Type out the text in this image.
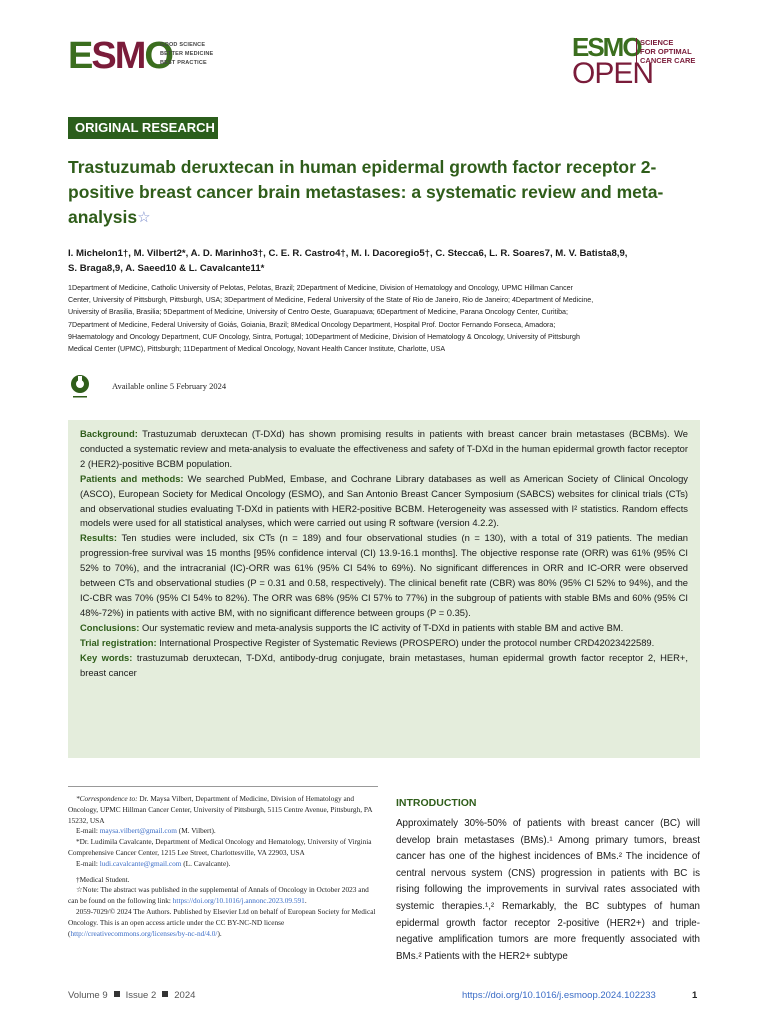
ESMO
GOOD SCIENCE
BETTER MEDICINE
BEST PRACTICE
ESMO
OPEN
SCIENCE
FOR OPTIMAL
CANCER CARE
ORIGINAL RESEARCH
Trastuzumab deruxtecan in human epidermal growth factor receptor 2-positive breast cancer brain metastases: a systematic review and meta-analysis☆
I. Michelon1†, M. Vilbert2*, A. D. Marinho3†, C. E. R. Castro4†, M. I. Dacoregio5†, C. Stecca6, L. R. Soares7, M. V. Batista8,9,
S. Braga8,9, A. Saeed10 & L. Cavalcante11*
1Department of Medicine, Catholic University of Pelotas, Pelotas, Brazil; 2Department of Medicine, Division of Hematology and Oncology, UPMC Hillman Cancer
Center, University of Pittsburgh, Pittsburgh, USA; 3Department of Medicine, Federal University of the State of Rio de Janeiro, Rio de Janeiro; 4Department of Medicine,
University of Brasilia, Brasilia; 5Department of Medicine, University of Centro Oeste, Guarapuava; 6Department of Medicine, Parana Oncology Center, Curitiba;
7Department of Medicine, Federal University of Goiás, Goiania, Brazil; 8Medical Oncology Department, Hospital Prof. Doctor Fernando Fonseca, Amadora;
9Haematology and Oncology Department, CUF Oncology, Sintra, Portugal; 10Department of Medicine, Division of Hematology & Oncology, University of Pittsburgh
Medical Center (UPMC), Pittsburgh; 11Department of Medical Oncology, Novant Health Cancer Institute, Charlotte, USA
Available online 5 February 2024

Background: Trastuzumab deruxtecan (T-DXd) has shown promising results in patients with breast cancer brain metastases (BCBMs). We conducted a systematic review and meta-analysis to evaluate the effectiveness and safety of T-DXd in the human epidermal growth factor receptor 2 (HER2)-positive BCBM population.

Patients and methods: We searched PubMed, Embase, and Cochrane Library databases as well as American Society of Clinical Oncology (ASCO), European Society for Medical Oncology (ESMO), and San Antonio Breast Cancer Symposium (SABCS) websites for clinical trials (CTs) and observational studies evaluating T-DXd in patients with HER2-positive BCBM. Heterogeneity was assessed with I² statistics. Random effects models were used for all statistical analyses, which were carried out using R software (version 4.2.2).

Results: Ten studies were included, six CTs (n = 189) and four observational studies (n = 130), with a total of 319 patients. The median progression-free survival was 15 months [95% confidence interval (CI) 13.9-16.1 months]. The objective response rate (ORR) was 61% (95% CI 52% to 70%), and the intracranial (IC)-ORR was 61% (95% CI 54% to 69%). No significant differences in ORR and IC-ORR were observed between CTs and observational studies (P = 0.31 and 0.58, respectively). The clinical benefit rate (CBR) was 80% (95% CI 52% to 94%), and the IC-CBR was 70% (95% CI 54% to 82%). The ORR was 68% (95% CI 57% to 77%) in the subgroup of patients with stable BMs and 60% (95% CI 48%-72%) in patients with active BM, with no significant difference between groups (P = 0.35).

Conclusions: Our systematic review and meta-analysis supports the IC activity of T-DXd in patients with stable BM and active BM.

Trial registration: International Prospective Register of Systematic Reviews (PROSPERO) under the protocol number CRD42023422589.

Key words: trastuzumab deruxtecan, T-DXd, antibody-drug conjugate, brain metastases, human epidermal growth factor receptor 2, HER+, breast cancer

*Correspondence to: Dr. Maysa Vilbert, Department of Medicine, Division of Hematology and Oncology, UPMC Hillman Cancer Center, University of Pittsburgh, 5115 Centre Avenue, Pittsburgh, PA 15232, USA

E-mail: maysa.vilbert@gmail.com (M. Vilbert).

*Dr. Ludimila Cavalcante, Department of Medical Oncology and Hematology, University of Virginia Comprehensive Cancer Center, 1215 Lee Street, Charlottesville, VA 22903, USA

E-mail: ludi.cavalcante@gmail.com (L. Cavalcante).

†Medical Student.

☆Note: The abstract was published in the supplemental of Annals of Oncology in October 2023 and can be found on the following link: https://doi.org/10.1016/j.annonc.2023.09.591.

2059-7029/© 2024 The Authors. Published by Elsevier Ltd on behalf of European Society for Medical Oncology. This is an open access article under the CC BY-NC-ND license (http://creativecommons.org/licenses/by-nc-nd/4.0/).

INTRODUCTION
Approximately 30%-50% of patients with breast cancer (BC) will develop brain metastases (BMs).¹ Among primary tumors, breast cancer has one of the highest incidences of BMs.² The incidence of central nervous system (CNS) progression in patients with BC is rising following the improvements in survival rates associated with systemic therapies.¹,² Remarkably, the BC subtypes of human epidermal growth factor receptor 2-positive (HER2+) and triple-negative amplification tumors are more frequently associated with BMs.² Patients with the HER2+ subtype
Volume 9 Issue 2 2024	https://doi.org/10.1016/j.esmoop.2024.102233	1
